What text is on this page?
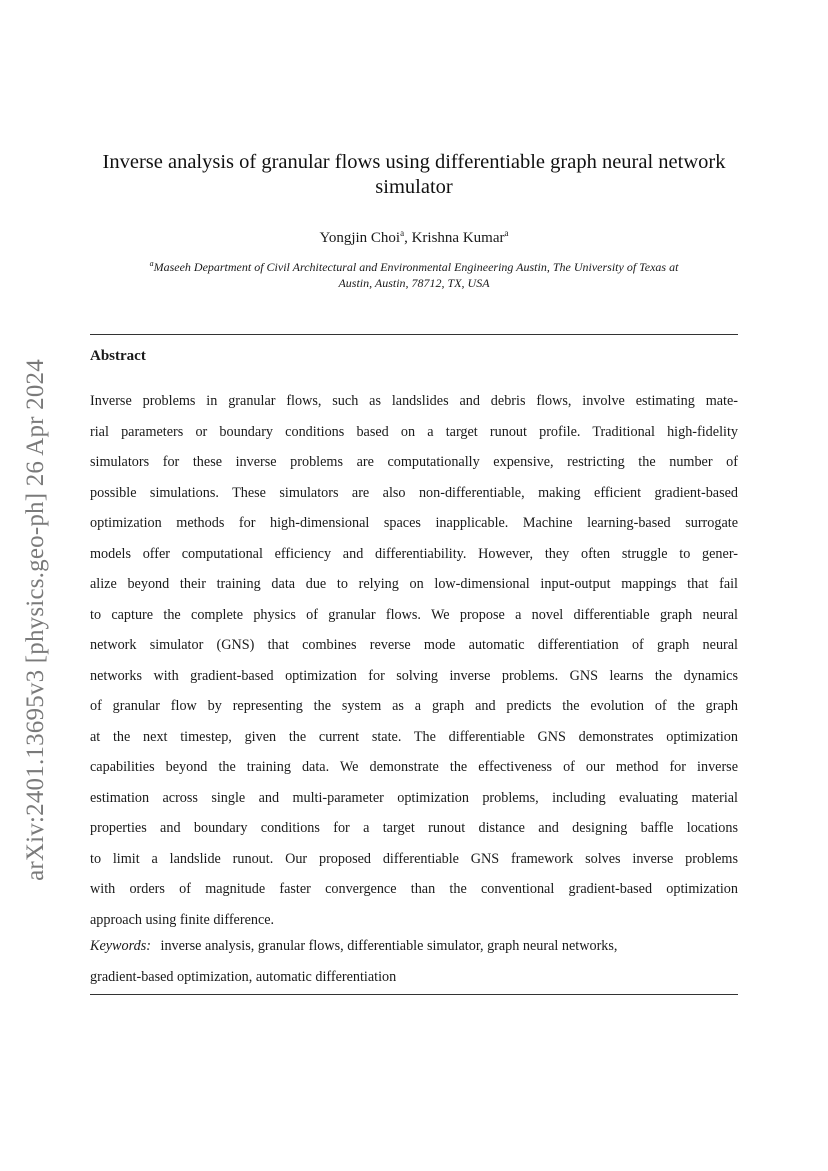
arXiv:2401.13695v3 [physics.geo-ph] 26 Apr 2024
Inverse analysis of granular flows using differentiable graph neural network
simulator
Yongjin Choi$^a$, Krishna Kumar$^a$
$^a$Maseeh Department of Civil Architectural and Environmental Engineering Austin, The University of Texas at
Austin, Austin, 78712, TX, USA
Abstract
Inverse problems in granular flows, such as landslides and debris flows, involve estimating mate-
rial parameters or boundary conditions based on a target runout profile. Traditional high-fidelity
simulators for these inverse problems are computationally expensive, restricting the number of
possible simulations. These simulators are also non-differentiable, making efficient gradient-based
optimization methods for high-dimensional spaces inapplicable. Machine learning-based surrogate
models offer computational efficiency and differentiability. However, they often struggle to gener-
alize beyond their training data due to relying on low-dimensional input-output mappings that fail
to capture the complete physics of granular flows. We propose a novel differentiable graph neural
network simulator (GNS) that combines reverse mode automatic differentiation of graph neural
networks with gradient-based optimization for solving inverse problems. GNS learns the dynamics
of granular flow by representing the system as a graph and predicts the evolution of the graph
at the next timestep, given the current state. The differentiable GNS demonstrates optimization
capabilities beyond the training data. We demonstrate the effectiveness of our method for inverse
estimation across single and multi-parameter optimization problems, including evaluating material
properties and boundary conditions for a target runout distance and designing baffle locations
to limit a landslide runout. Our proposed differentiable GNS framework solves inverse problems
with orders of magnitude faster convergence than the conventional gradient-based optimization
approach using finite difference.
Keywords: inverse analysis, granular flows, differentiable simulator, graph neural networks,
gradient-based optimization, automatic differentiation
